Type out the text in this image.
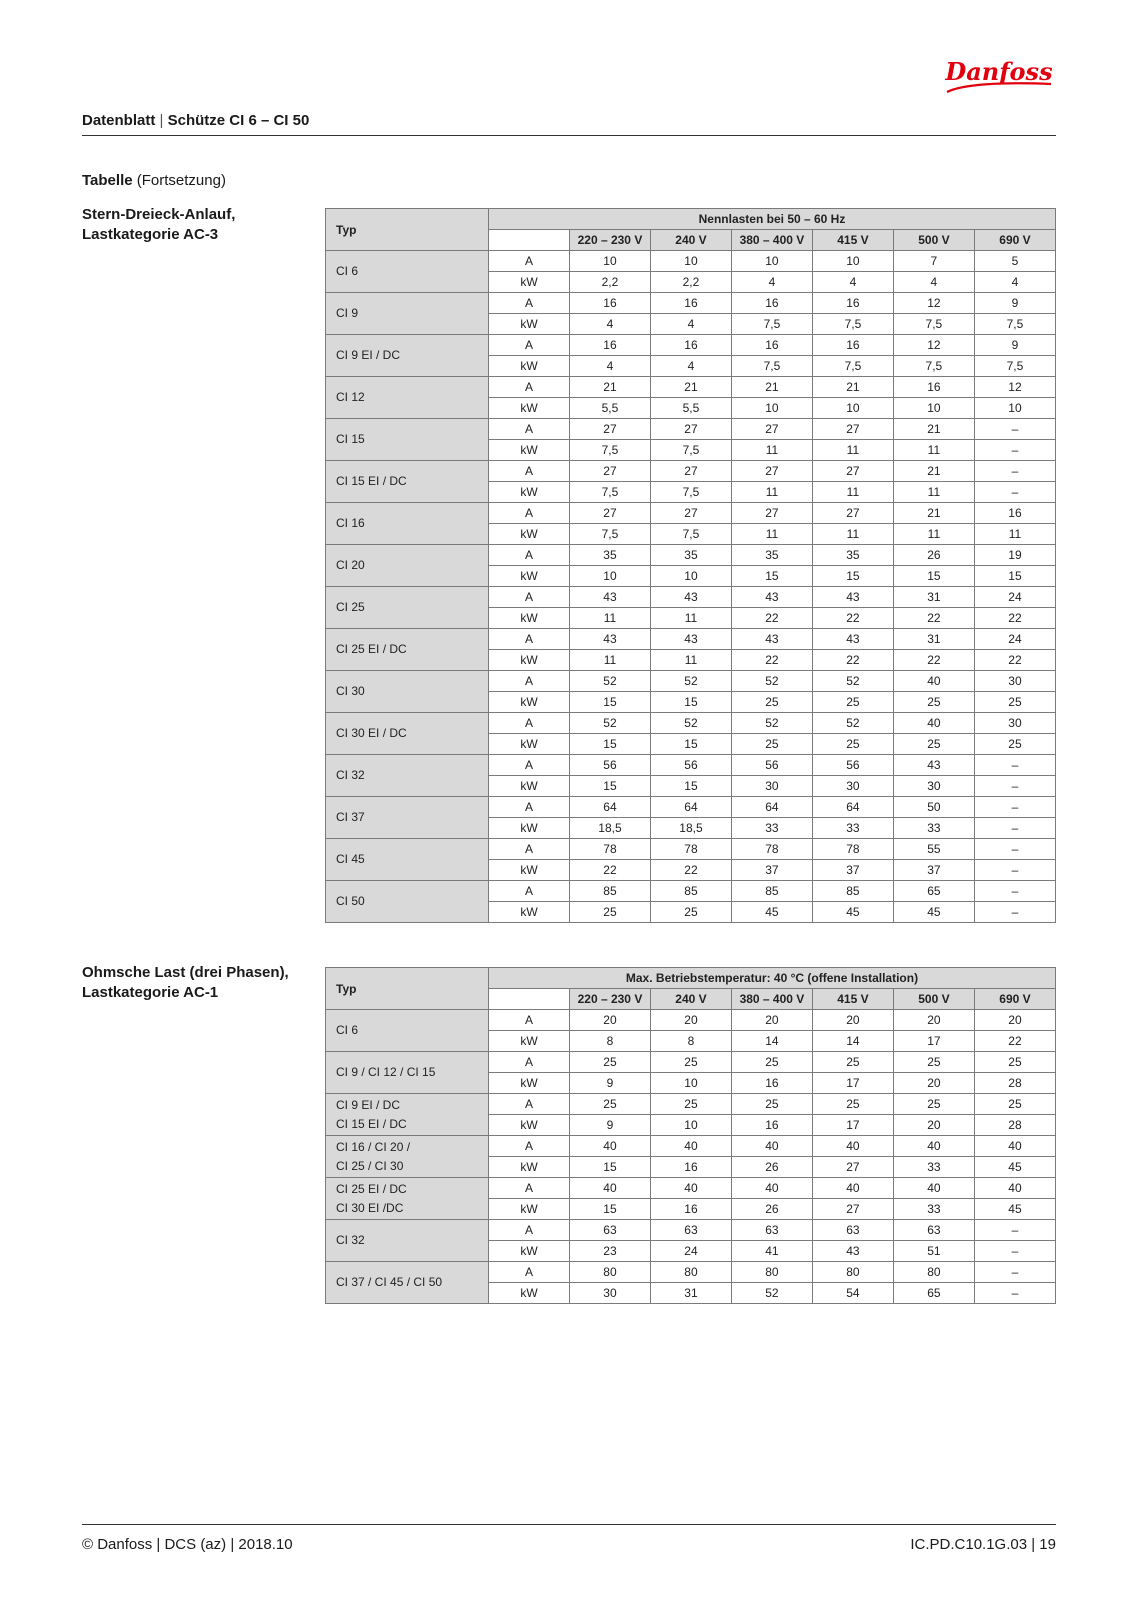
Danfoss
Datenblatt | Schütze CI 6 – CI 50
Tabelle (Fortsetzung)
Stern-Dreieck-Anlauf,
Lastkategorie AC-3	Typ	Nennlasten bei 50 – 60 Hz						
		220 – 230 V	240 V	380 – 400 V	415 V	500 V	690 V

CI 6	A	10	10	10	10	7	5
	kW	2,2	2,2	4	4	4	4

CI 9	A	16	16	16	16	12	9
	kW	4	4	7,5	7,5	7,5	7,5

CI 9 EI / DC	A	16	16	16	16	12	9
	kW	4	4	7,5	7,5	7,5	7,5

CI 12	A	21	21	21	21	16	12
	kW	5,5	5,5	10	10	10	10

CI 15	A	27	27	27	27	21	–
	kW	7,5	7,5	11	11	11	–

CI 15 EI / DC	A	27	27	27	27	21	–
	kW	7,5	7,5	11	11	11	–

CI 16	A	27	27	27	27	21	16
	kW	7,5	7,5	11	11	11	11

CI 20	A	35	35	35	35	26	19
	kW	10	10	15	15	15	15

CI 25	A	43	43	43	43	31	24
	kW	11	11	22	22	22	22

CI 25 EI / DC	A	43	43	43	43	31	24
	kW	11	11	22	22	22	22

CI 30	A	52	52	52	52	40	30
	kW	15	15	25	25	25	25

CI 30 EI / DC	A	52	52	52	52	40	30
	kW	15	15	25	25	25	25

CI 32	A	56	56	56	56	43	–
	kW	15	15	30	30	30	–

CI 37	A	64	64	64	64	50	–
	kW	18,5	18,5	33	33	33	–

CI 45	A	78	78	78	78	55	–
	kW	22	22	37	37	37	–

CI 50	A	85	85	85	85	65	–
	kW	25	25	45	45	45	–
Ohmsche Last (drei Phasen),
Lastkategorie AC-1	Typ	Max. Betriebstemperatur: 40 °C (offene Installation)						
		220 – 230 V	240 V	380 – 400 V	415 V	500 V	690 V

CI 6	A	20	20	20	20	20	20
	kW	8	8	14	14	17	22

CI 9 / CI 12 / CI 15	A	25	25	25	25	25	25
	kW	9	10	16	17	20	28

CI 9 EI / DC
CI 15 EI / DC	A	25	25	25	25	25	25
	kW	9	10	16	17	20	28

CI 16 / CI 20 /
CI 25 / CI 30	A	40	40	40	40	40	40
	kW	15	16	26	27	33	45

CI 25 EI / DC
CI 30 EI /DC	A	40	40	40	40	40	40
	kW	15	16	26	27	33	45

CI 32	A	63	63	63	63	63	–
	kW	23	24	41	43	51	–

CI 37 / CI 45 / CI 50	A	80	80	80	80	80	–
	kW	30	31	52	54	65	–
© Danfoss | DCS (az) | 2018.10	IC.PD.C10.1G.03 | 19
